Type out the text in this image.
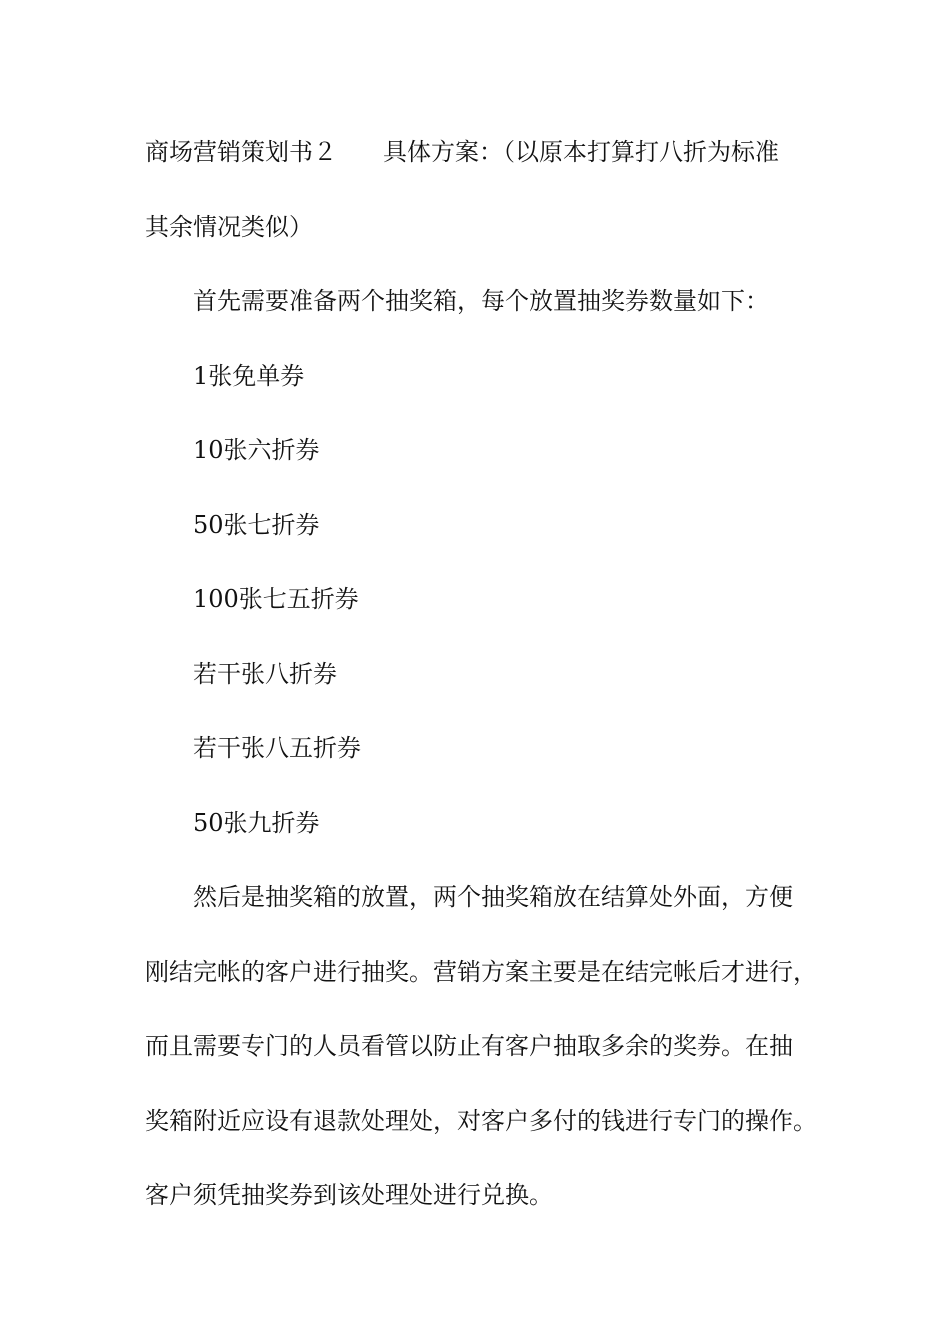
商场营销策划书２ 具体方案：（以原本打算打八折为标准
其余情况类似）
首先需要准备两个抽奖箱，每个放置抽奖券数量如下：
1张免单券
10张六折券
50张七折券
100张七五折券
若干张八折券
若干张八五折券
50张九折券
然后是抽奖箱的放置，两个抽奖箱放在结算处外面，方便
刚结完帐的客户进行抽奖。营销方案主要是在结完帐后才进行，
而且需要专门的人员看管以防止有客户抽取多余的奖券。在抽
奖箱附近应设有退款处理处，对客户多付的钱进行专门的操作。
客户须凭抽奖券到该处理处进行兑换。
